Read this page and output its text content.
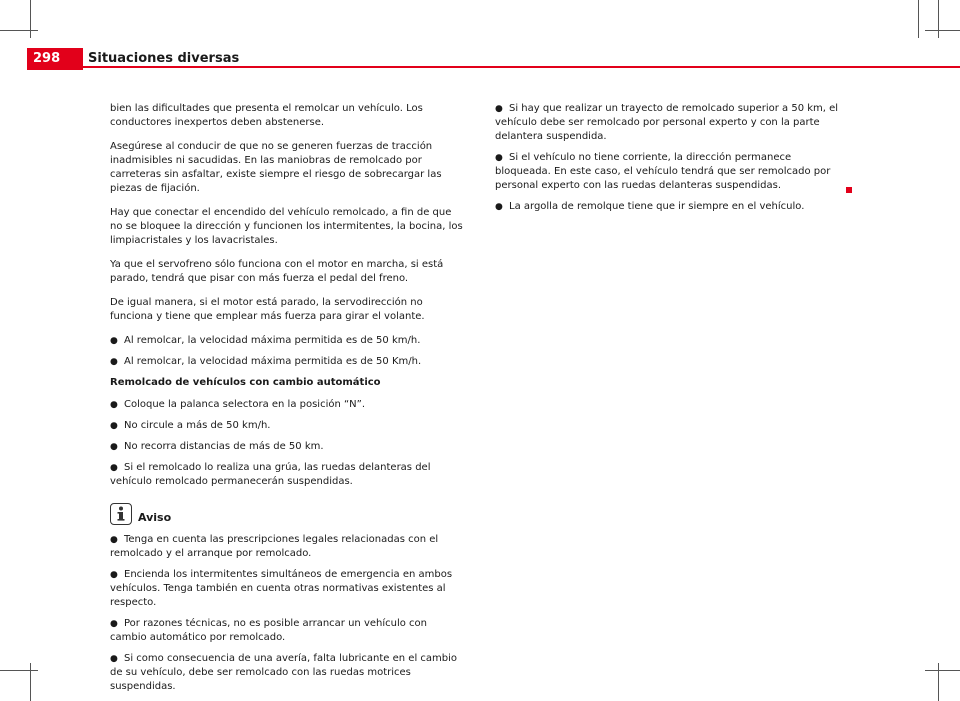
298	Situaciones diversas

bien las dificultades que presenta el remolcar un vehículo. Los conductores inexpertos deben abstenerse.

Asegúrese al conducir de que no se generen fuerzas de tracción inadmisibles ni sacudidas. En las maniobras de remolcado por carreteras sin asfaltar, existe siempre el riesgo de sobrecargar las piezas de fijación.

Hay que conectar el encendido del vehículo remolcado, a fin de que no se bloquee la dirección y funcionen los intermitentes, la bocina, los limpiacristales y los lavacristales.

Ya que el servofreno sólo funciona con el motor en marcha, si está parado, tendrá que pisar con más fuerza el pedal del freno.

De igual manera, si el motor está parado, la servodirección no funciona y tiene que emplear más fuerza para girar el volante.

● Al remolcar, la velocidad máxima permitida es de 50 km/h.

● Al remolcar, la velocidad máxima permitida es de 50 Km/h.

Remolcado de vehículos con cambio automático

● Coloque la palanca selectora en la posición “N”.

● No circule a más de 50 km/h.

● No recorra distancias de más de 50 km.

● Si el remolcado lo realiza una grúa, las ruedas delanteras del vehículo remolcado permanecerán suspendidas.

Aviso

● Tenga en cuenta las prescripciones legales relacionadas con el remolcado y el arranque por remolcado.

● Encienda los intermitentes simultáneos de emergencia en ambos vehículos. Tenga también en cuenta otras normativas existentes al respecto.

● Por razones técnicas, no es posible arrancar un vehículo con cambio automático por remolcado.

● Si como consecuencia de una avería, falta lubricante en el cambio de su vehículo, debe ser remolcado con las ruedas motrices suspendidas.

● Si hay que realizar un trayecto de remolcado superior a 50 km, el vehículo debe ser remolcado por personal experto y con la parte delantera suspendida.

● Si el vehículo no tiene corriente, la dirección permanece bloqueada. En este caso, el vehículo tendrá que ser remolcado por personal experto con las ruedas delanteras suspendidas.

● La argolla de remolque tiene que ir siempre en el vehículo.
